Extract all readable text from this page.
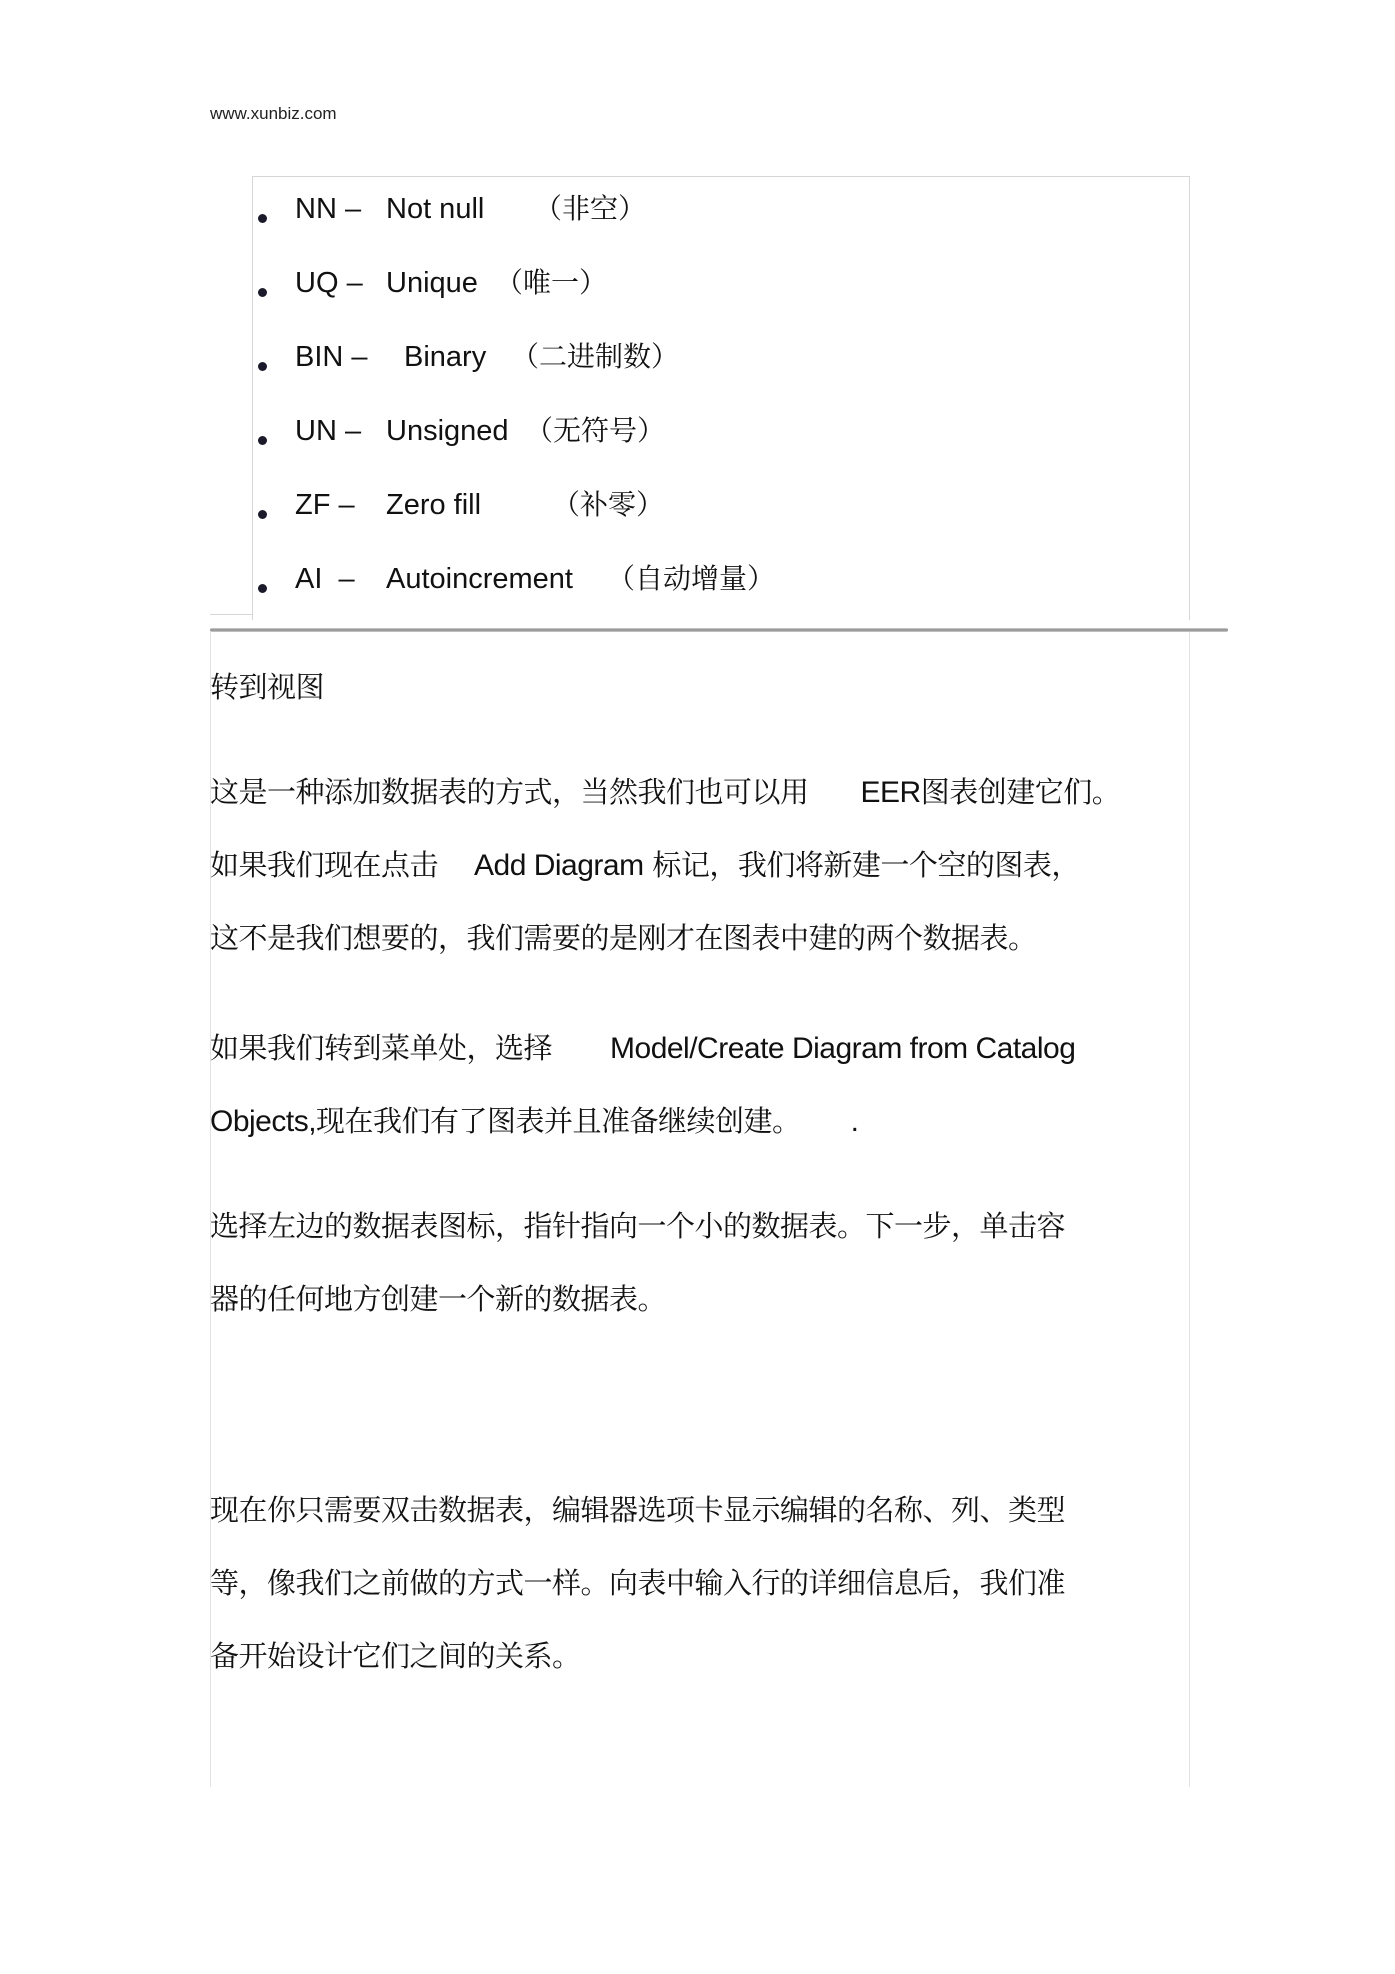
www.xunbiz.com
NN – Not null （非空）
UQ – Unique （唯一）
BIN – Binary （二进制数）
UN – Unsigned （无符号）
ZF – Zero fill	（补零）
AI – Autoincrement （自动增量）

转到视图

这是一种添加数据表的方式，当然我们也可以用 EER图表创建它们。
如果我们现在点击 Add Diagram 标记，我们将新建一个空的图表，
这不是我们想要的，我们需要的是刚才在图表中建的两个数据表。

如果我们转到菜单处，选择 Model/Create Diagram from Catalog
Objects,现在我们有了图表并且准备继续创建。 .

选择左边的数据表图标，指针指向一个小的数据表。下一步，单击容
器的任何地方创建一个新的数据表。

现在你只需要双击数据表，编辑器选项卡显示编辑的名称、列、类型
等，像我们之前做的方式一样。向表中输入行的详细信息后，我们准
备开始设计它们之间的关系。
